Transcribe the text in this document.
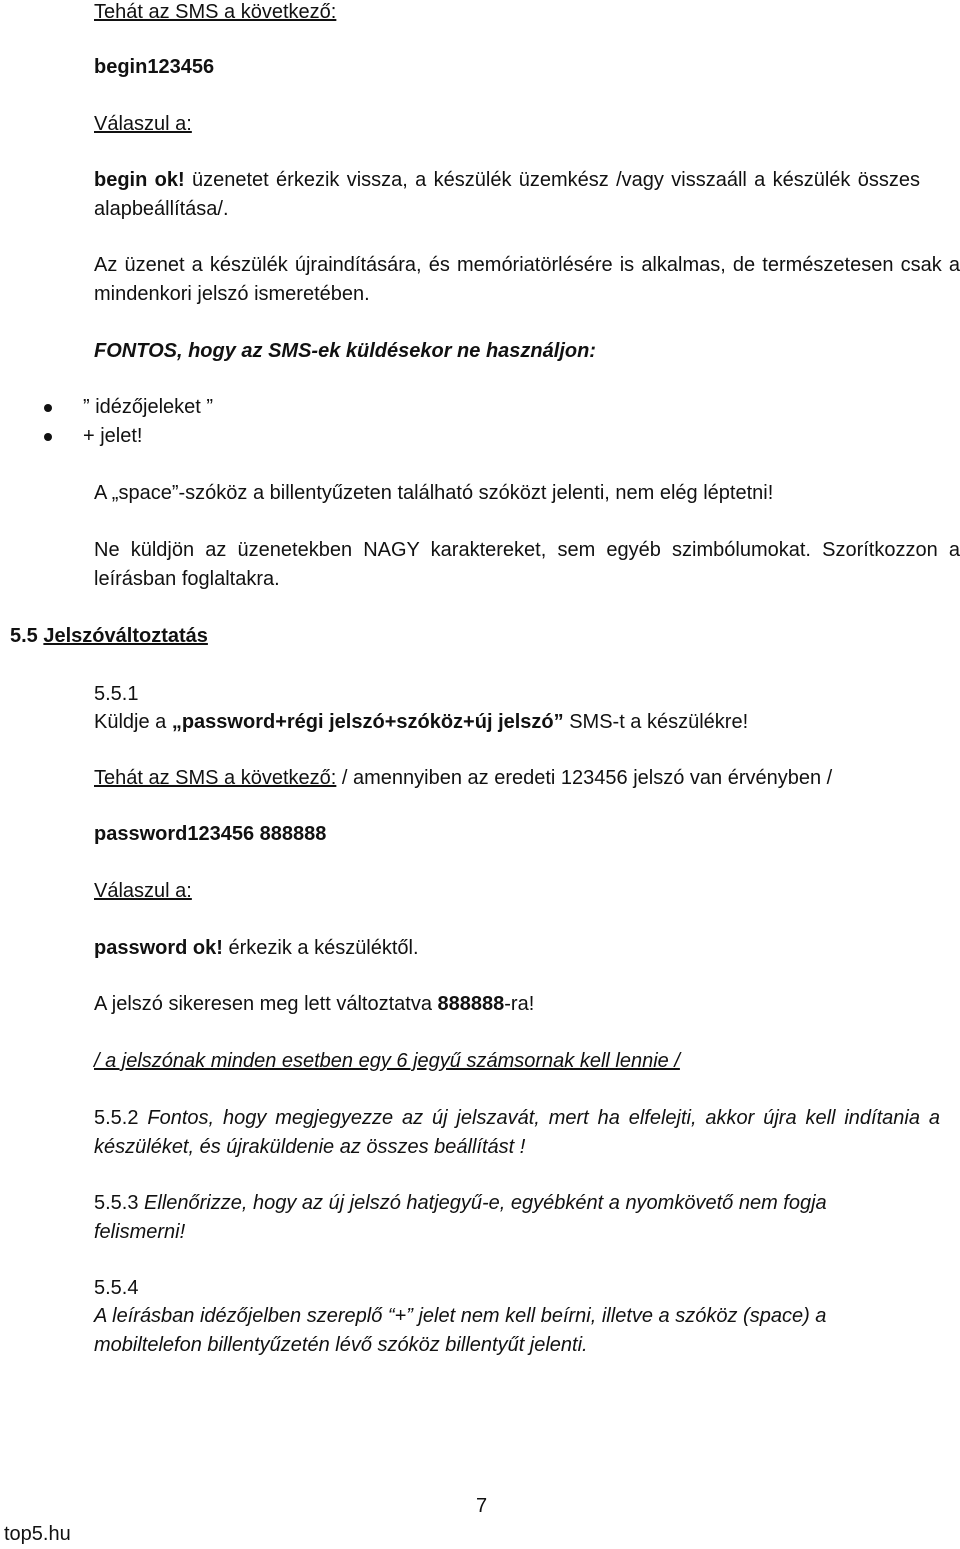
Tehát az SMS a következő:

begin123456

Válaszul a:

begin ok! üzenetet érkezik vissza, a készülék üzemkész /vagy visszaáll a készülék összes alapbeállítása/.

Az üzenet a készülék újraindítására, és memóriatörlésére is alkalmas, de természetesen csak a mindenkori jelszó ismeretében.

FONTOS, hogy az SMS-ek küldésekor ne használjon:

” idézőjeleket ”

+ jelet!

A „space”-szóköz a billentyűzeten található szóközt jelenti, nem elég léptetni!

Ne küldjön az üzenetekben NAGY karaktereket, sem egyéb szimbólumokat. Szorítkozzon a leírásban foglaltakra.

5.5 Jelszóváltoztatás

5.5.1

Küldje a „password+régi jelszó+szóköz+új jelszó” SMS-t a készülékre!

Tehát az SMS a következő: / amennyiben az eredeti 123456 jelszó van érvényben /

password123456 888888

Válaszul a:

password ok! érkezik a készüléktől.

A jelszó sikeresen meg lett változtatva 888888-ra!

/ a jelszónak minden esetben egy 6 jegyű számsornak kell lennie /

5.5.2 Fontos, hogy megjegyezze az új jelszavát, mert ha elfelejti, akkor újra kell indítania a készüléket, és újraküldenie az összes beállítást !

5.5.3 Ellenőrizze, hogy az új jelszó hatjegyű-e, egyébként a nyomkövető nem fogja felismerni!

5.5.4

A leírásban idézőjelben szereplő “+” jelet nem kell beírni, illetve a szóköz (space) a mobiltelefon billentyűzetén lévő szóköz billentyűt jelenti.

7

top5.hu
